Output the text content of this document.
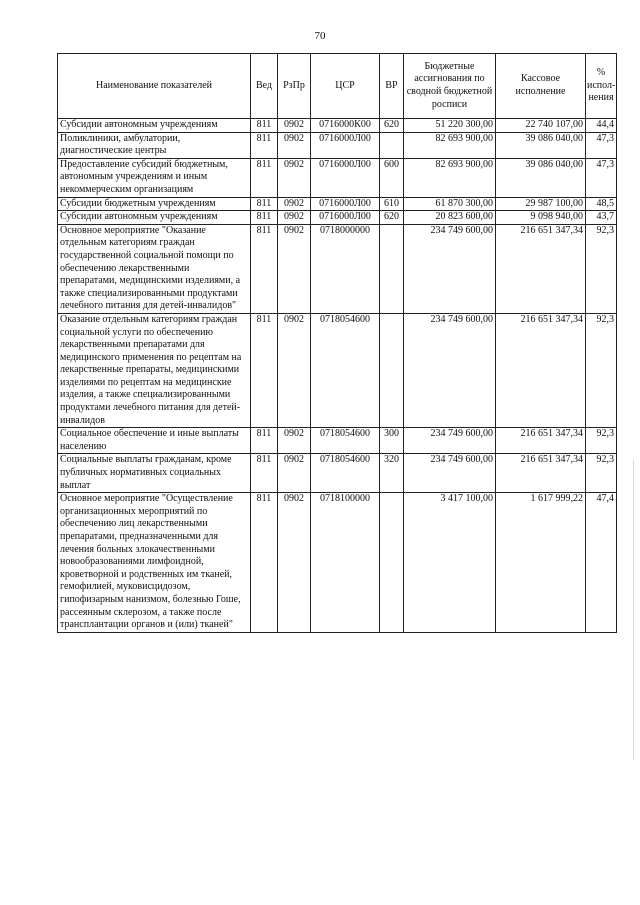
70
Наименование показателей	Вед	РзПр	ЦСР	ВР	Бюджетные ассигнования по сводной бюджетной росписи	Кассовое исполнение	% испол-нения
Субсидии автономным учреждениям	811	0902	0716000К00	620	51 220 300,00	22 740 107,00	44,4
Поликлиники, амбулатории, диагностические центры	811	0902	0716000Л00		82 693 900,00	39 086 040,00	47,3
Предоставление субсидий бюджетным, автономным учреждениям и иным некоммерческим организациям	811	0902	0716000Л00	600	82 693 900,00	39 086 040,00	47,3
Субсидии бюджетным учреждениям	811	0902	0716000Л00	610	61 870 300,00	29 987 100,00	48,5
Субсидии автономным учреждениям	811	0902	0716000Л00	620	20 823 600,00	9 098 940,00	43,7
Основное мероприятие "Оказание отдельным категориям граждан государственной социальной помощи по обеспечению лекарственными препаратами, медицинскими изделиями, а также специализированными продуктами лечебного питания для детей-инвалидов"	811	0902	0718000000		234 749 600,00	216 651 347,34	92,3
Оказание отдельным категориям граждан социальной услуги по обеспечению лекарственными препаратами для медицинского применения по рецептам на лекарственные препараты, медицинскими изделиями по рецептам на медицинские изделия, а также специализированными продуктами лечебного питания для детей-инвалидов	811	0902	0718054600		234 749 600,00	216 651 347,34	92,3
Социальное обеспечение и иные выплаты населению	811	0902	0718054600	300	234 749 600,00	216 651 347,34	92,3
Социальные выплаты гражданам, кроме публичных нормативных социальных выплат	811	0902	0718054600	320	234 749 600,00	216 651 347,34	92,3
Основное мероприятие "Осуществление организационных мероприятий по обеспечению лиц лекарственными препаратами, предназначенными для лечения больных злокачественными новообразованиями лимфоидной, кроветворной и родственных им тканей, гемофилией, муковисцидозом, гипофизарным нанизмом, болезнью Гоше, рассеянным склерозом, а также после трансплантации органов и (или) тканей"	811	0902	0718100000		3 417 100,00	1 617 999,22	47,4
